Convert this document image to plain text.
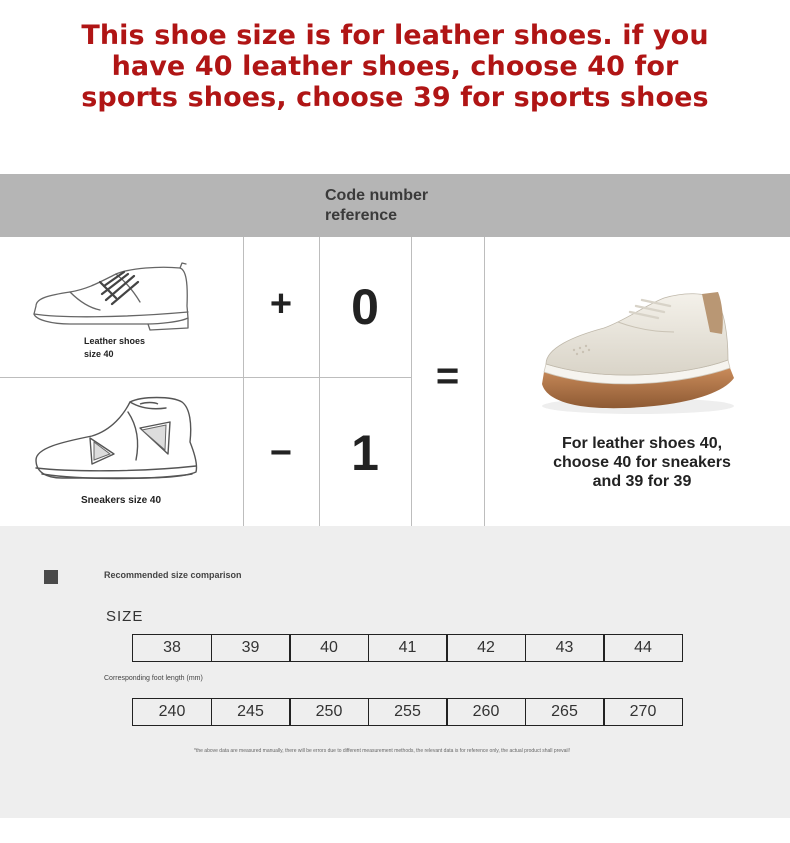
This shoe size is for leather shoes. if you
have 40 leather shoes, choose 40 for
sports shoes, choose 39 for sports shoes
Code number
reference
Leather shoes
size 40
Sneakers size 40
+	0
−	1
=
For leather shoes 40,
choose 40 for sneakers
and 39 for 39
Recommended size comparison
SIZE
38	39	40	41	42	43	44
Corresponding foot length (mm)
240	245	250	255	260	265	270
*the above data are measured manually, there will be errors due to different measurement methods, the relevant data is for reference only, the actual product shall prevail!
